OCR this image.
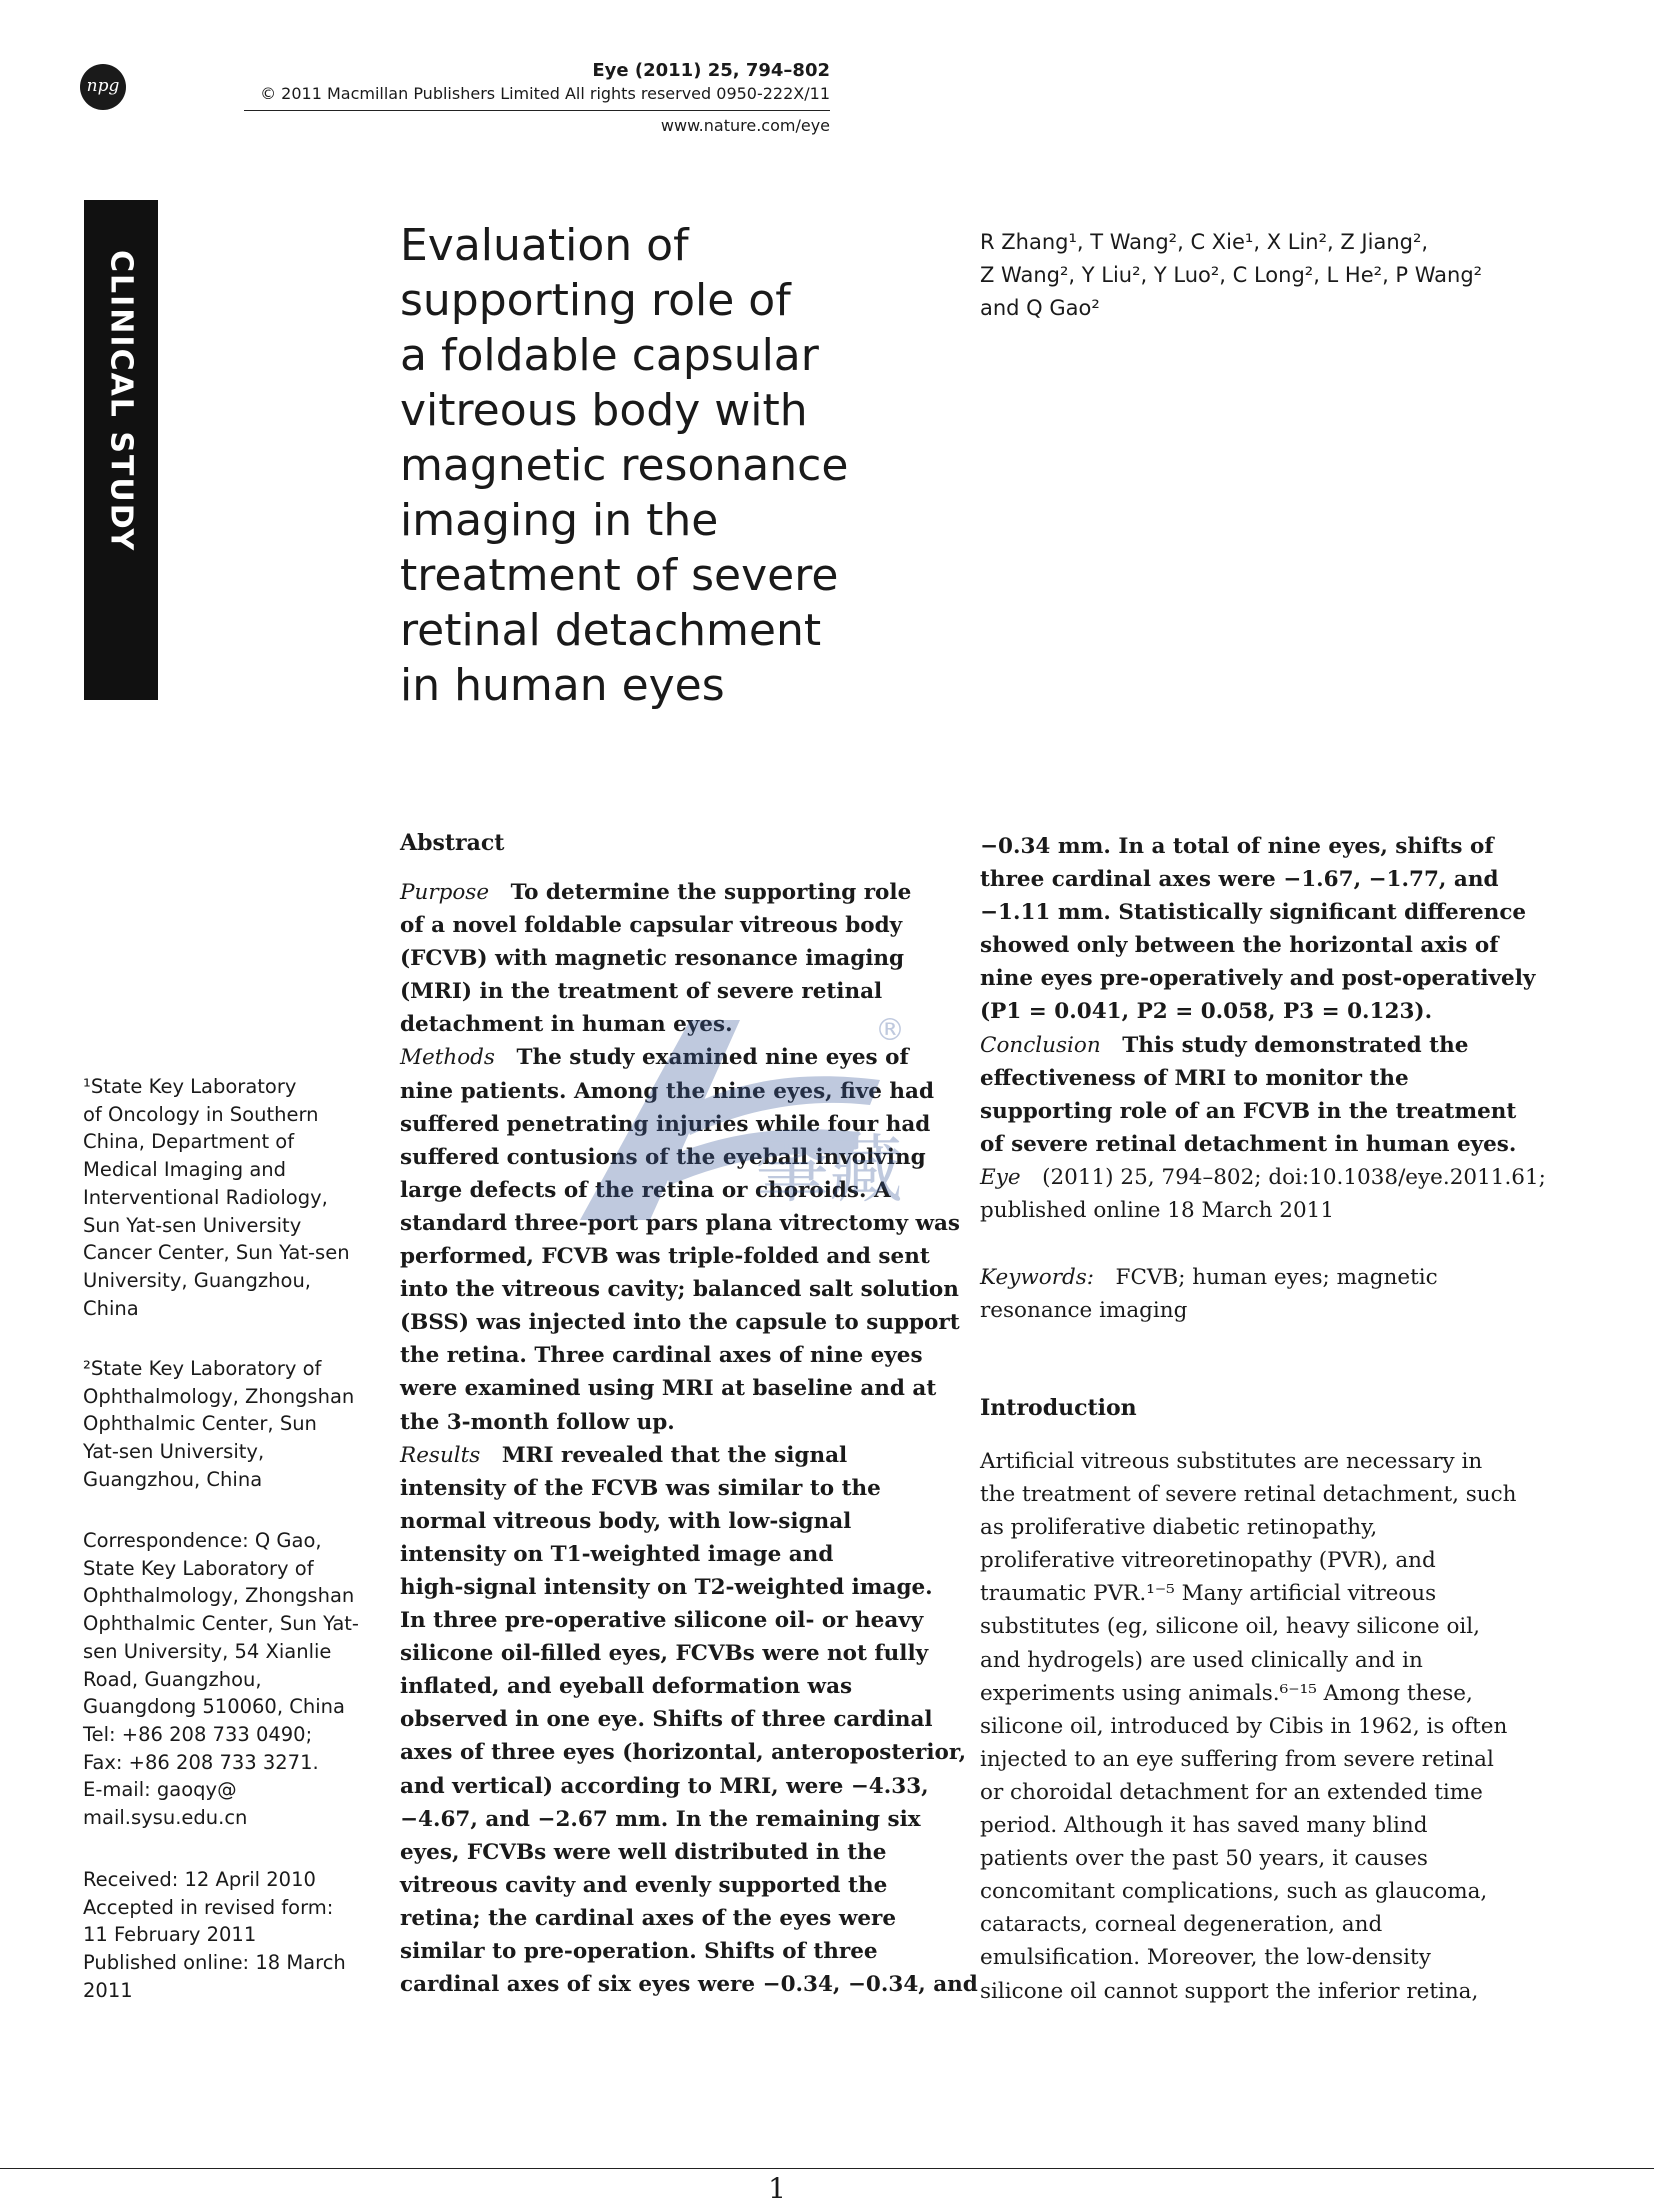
npg
Eye (2011) 25, 794–802
© 2011 Macmillan Publishers Limited All rights reserved 0950-222X/11
www.nature.com/eye
CLINICAL STUDY
Evaluation of
supporting role of
a foldable capsular
vitreous body with
magnetic resonance
imaging in the
treatment of severe
retinal detachment
in human eyes
R Zhang¹, T Wang², C Xie¹, X Lin², Z Jiang²,
Z Wang², Y Liu², Y Luo², C Long², L He², P Wang²
and Q Gao²
¹State Key Laboratory
of Oncology in Southern
China, Department of
Medical Imaging and
Interventional Radiology,
Sun Yat-sen University
Cancer Center, Sun Yat-sen
University, Guangzhou,
China
²State Key Laboratory of
Ophthalmology, Zhongshan
Ophthalmic Center, Sun
Yat-sen University,
Guangzhou, China
Correspondence: Q Gao,
State Key Laboratory of
Ophthalmology, Zhongshan
Ophthalmic Center, Sun Yat-
sen University, 54 Xianlie
Road, Guangzhou,
Guangdong 510060, China
Tel: +86 208 733 0490;
Fax: +86 208 733 3271.
E-mail: gaoqy@
mail.sysu.edu.cn
Received: 12 April 2010
Accepted in revised form:
11 February 2011
Published online: 18 March
2011
Abstract
Purpose   To determine the supporting role
of a novel foldable capsular vitreous body
(FCVB) with magnetic resonance imaging
(MRI) in the treatment of severe retinal
detachment in human eyes.
Methods   The study examined nine eyes of
nine patients. Among the nine eyes, five had
suffered penetrating injuries while four had
suffered contusions of the eyeball involving
large defects of the retina or choroids. A
standard three-port pars plana vitrectomy was
performed, FCVB was triple-folded and sent
into the vitreous cavity; balanced salt solution
(BSS) was injected into the capsule to support
the retina. Three cardinal axes of nine eyes
were examined using MRI at baseline and at
the 3-month follow up.
Results   MRI revealed that the signal
intensity of the FCVB was similar to the
normal vitreous body, with low-signal
intensity on T1-weighted image and
high-signal intensity on T2-weighted image.
In three pre-operative silicone oil- or heavy
silicone oil-filled eyes, FCVBs were not fully
inflated, and eyeball deformation was
observed in one eye. Shifts of three cardinal
axes of three eyes (horizontal, anteroposterior,
and vertical) according to MRI, were −4.33,
−4.67, and −2.67 mm. In the remaining six
eyes, FCVBs were well distributed in the
vitreous cavity and evenly supported the
retina; the cardinal axes of the eyes were
similar to pre-operation. Shifts of three
cardinal axes of six eyes were −0.34, −0.34, and
−0.34 mm. In a total of nine eyes, shifts of
three cardinal axes were −1.67, −1.77, and
−1.11 mm. Statistically significant difference
showed only between the horizontal axis of
nine eyes pre-operatively and post-operatively
(P1 = 0.041, P2 = 0.058, P3 = 0.123).
Conclusion   This study demonstrated the
effectiveness of MRI to monitor the
supporting role of an FCVB in the treatment
of severe retinal detachment in human eyes.
Eye   (2011) 25, 794–802; doi:10.1038/eye.2011.61;
published online 18 March 2011
Keywords:   FCVB; human eyes; magnetic
resonance imaging
Introduction
Artificial vitreous substitutes are necessary in
the treatment of severe retinal detachment, such
as proliferative diabetic retinopathy,
proliferative vitreoretinopathy (PVR), and
traumatic PVR.¹⁻⁵ Many artificial vitreous
substitutes (eg, silicone oil, heavy silicone oil,
and hydrogels) are used clinically and in
experiments using animals.⁶⁻¹⁵ Among these,
silicone oil, introduced by Cibis in 1962, is often
injected to an eye suffering from severe retinal
or choroidal detachment for an extended time
period. Although it has saved many blind
patients over the past 50 years, it causes
concomitant complications, such as glaucoma,
cataracts, corneal degeneration, and
emulsification. Moreover, the low-density
silicone oil cannot support the inferior retina,
®
肇藏
1
